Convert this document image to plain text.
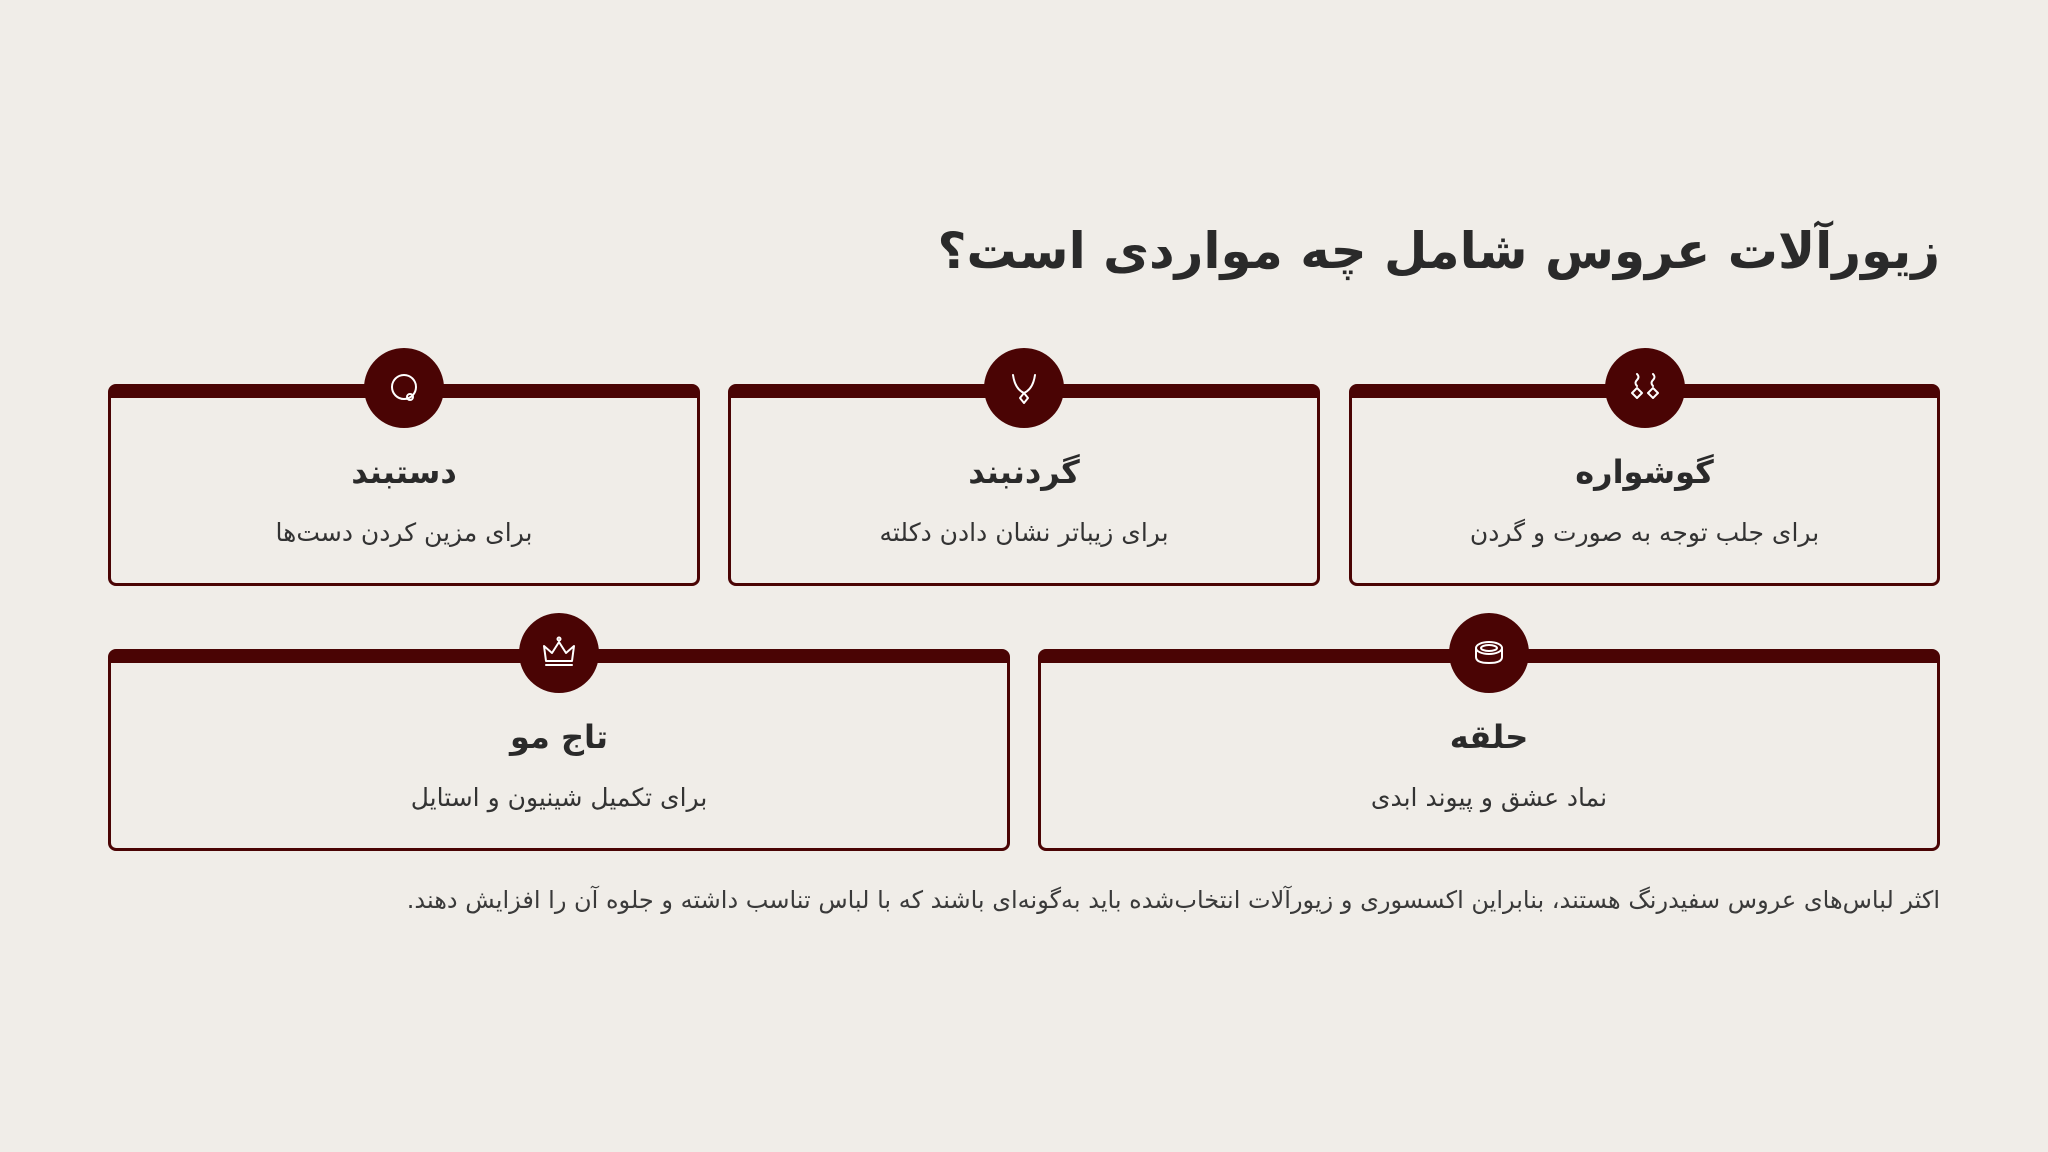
زیورآلات عروس شامل چه مواردی است؟
گوشواره
برای جلب توجه به صورت و گردن
گردنبند
برای زیباتر نشان دادن دکلته
دستبند
برای مزین کردن دست‌ها
حلقه
نماد عشق و پیوند ابدی
تاج مو
برای تکمیل شینیون و استایل
اکثر لباس‌های عروس سفیدرنگ هستند، بنابراین اکسسوری و زیورآلات انتخاب‌شده باید به‌گونه‌ای باشند که با لباس تناسب داشته و جلوه آن را افزایش دهند.
